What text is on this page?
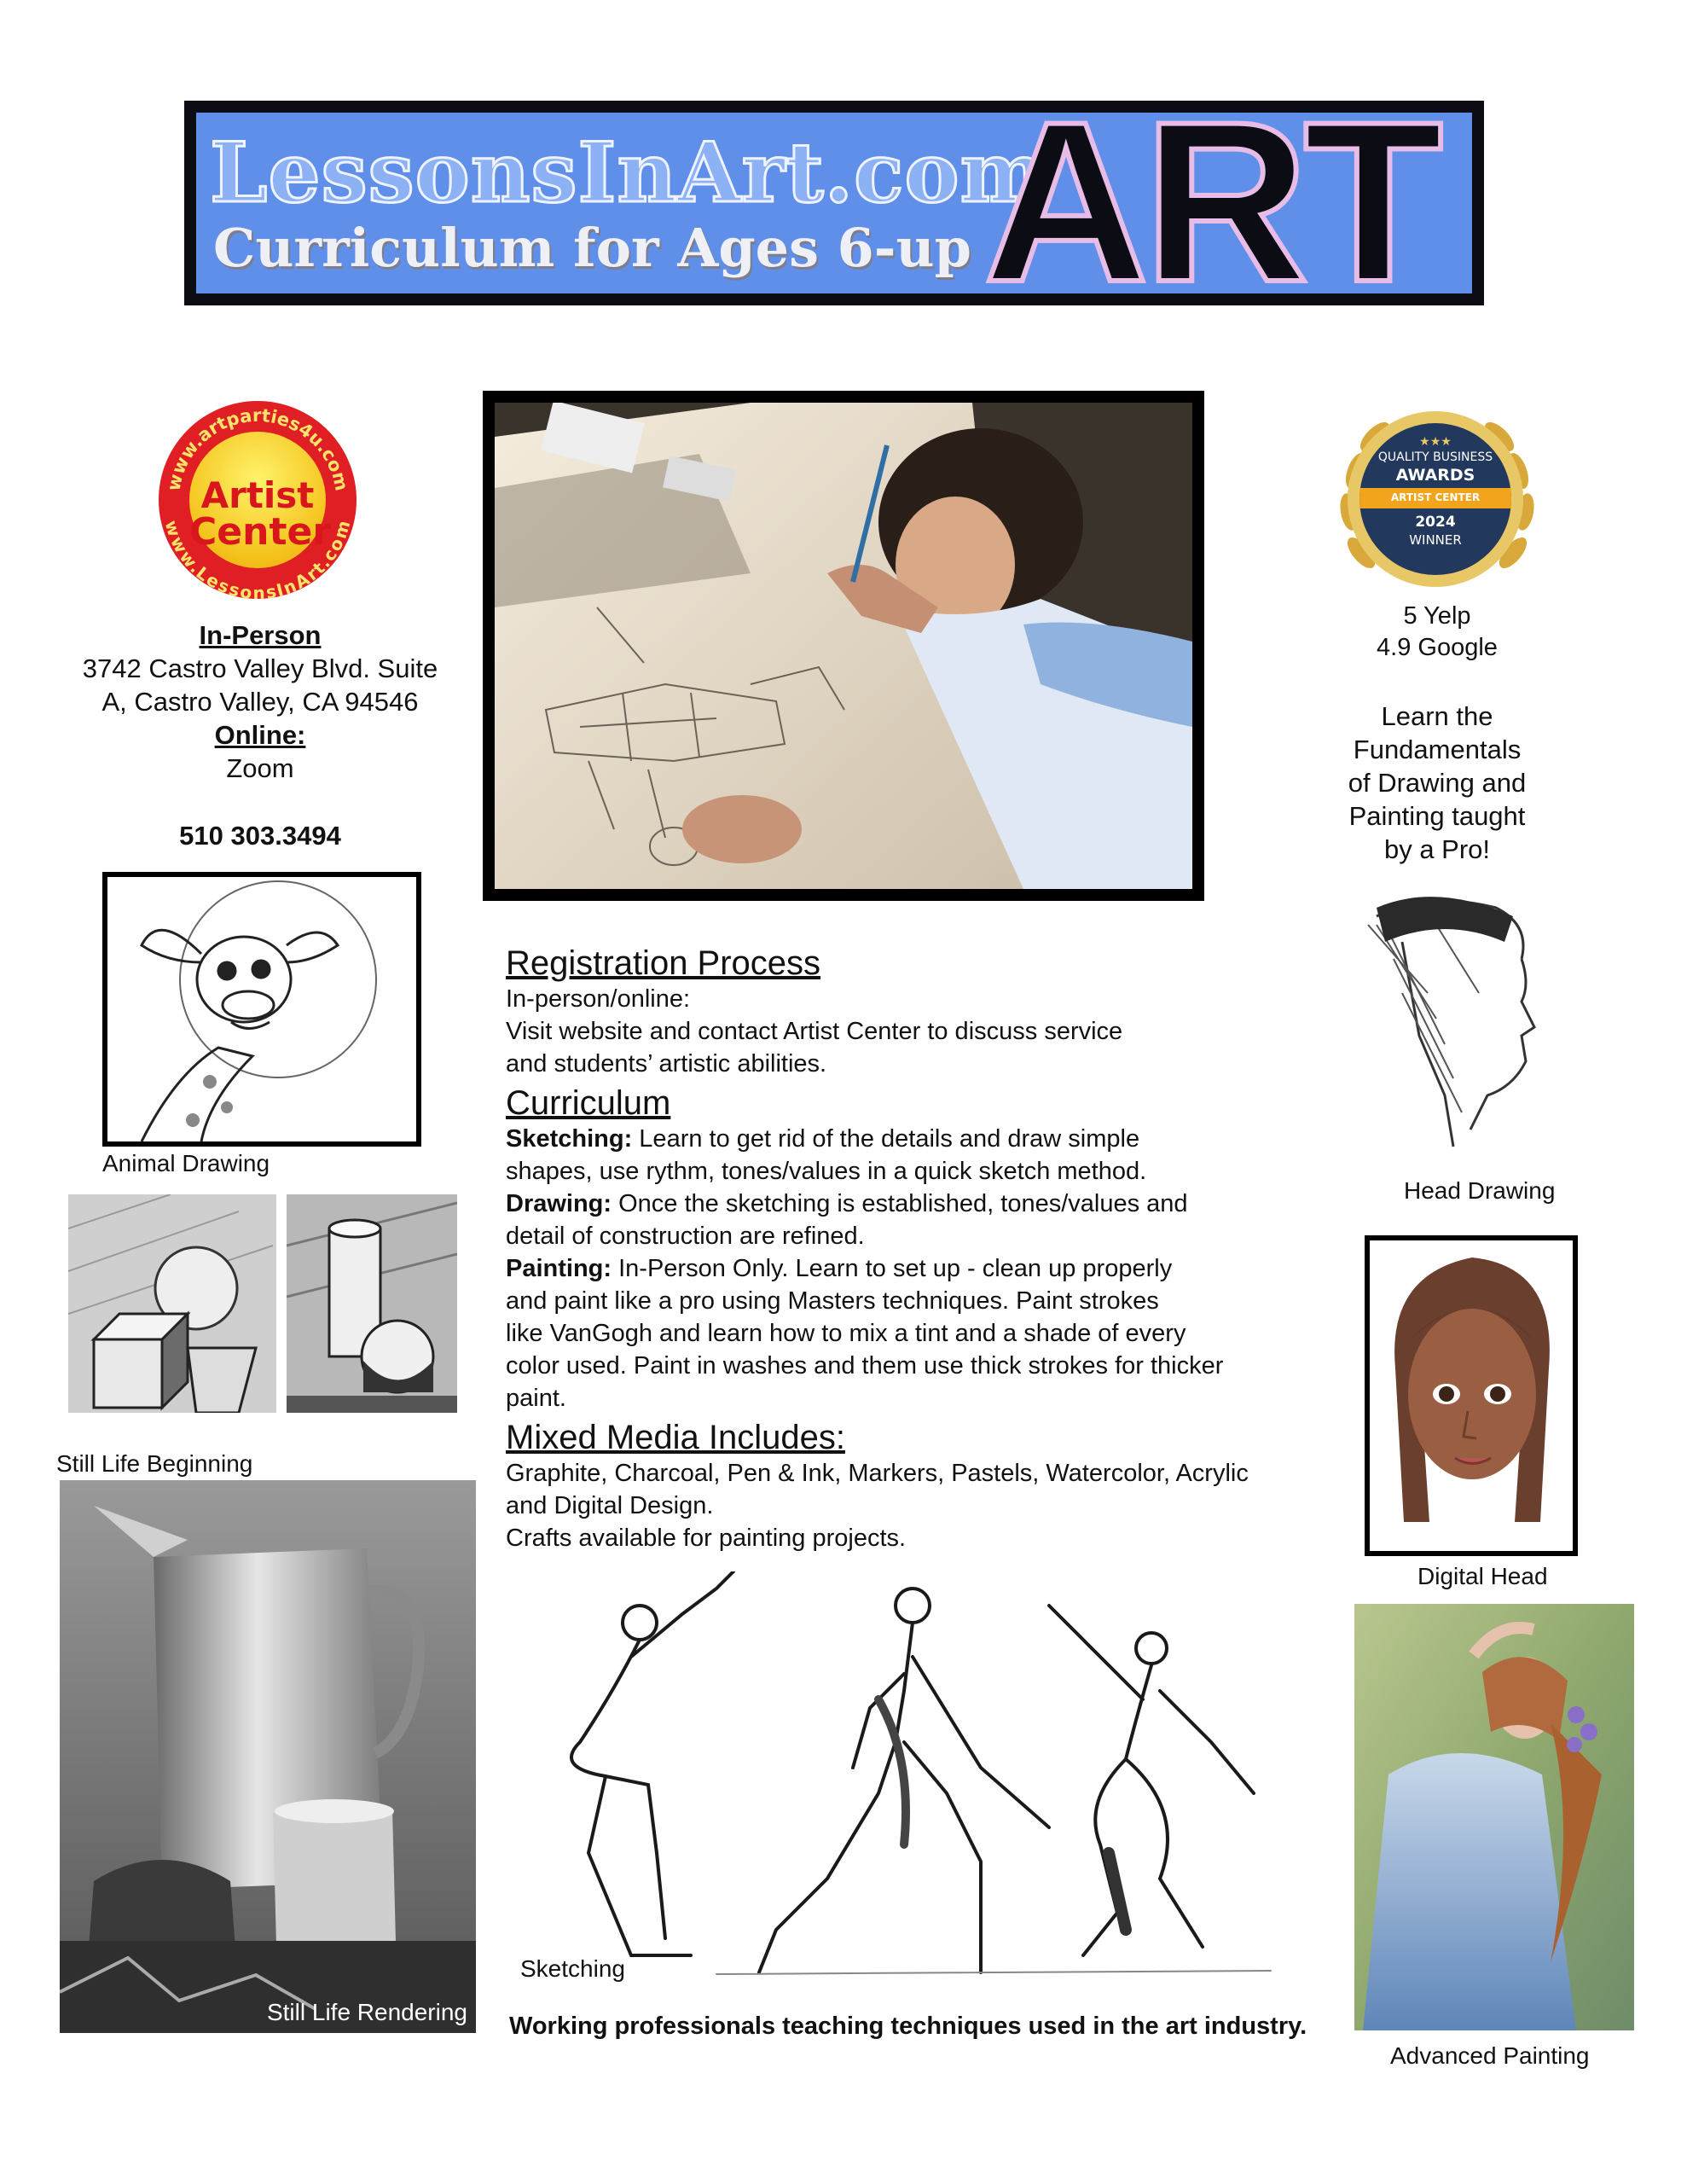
LessonsInArt.com
Curriculum for Ages 6-up ART
www.artparties4u.com
www.LessonsInArt.com
Artist
Center
In-Person
3742 Castro Valley Blvd. Suite
A, Castro Valley, CA 94546
Online:
Zoom
510 303.3494
★★★
QUALITY BUSINESS
AWARDS
ARTIST CENTER
2024
WINNER
5 Yelp
4.9 Google
Learn the
Fundamentals
of Drawing and
Painting taught
by a Pro!
Registration Process

In-person/online:

Visit website and contact Artist Center to discuss service

and students’ artistic abilities.

Curriculum

Sketching: Learn to get rid of the details and draw simple

shapes, use rythm, tones/values in a quick sketch method.

Drawing: Once the sketching is established, tones/values and

detail of construction are refined.

Painting: In-Person Only. Learn to set up - clean up properly

and paint like a pro using Masters techniques. Paint strokes

like VanGogh and learn how to mix a tint and a shade of every

color used. Paint in washes and them use thick strokes for thicker

paint.

Mixed Media Includes:

Graphite, Charcoal, Pen & Ink, Markers, Pastels, Watercolor, Acrylic

and Digital Design.

Crafts available for painting projects.

Animal Drawing
Still Life Beginning
Still Life Rendering
Sketching
Head Drawing
Digital Head
Advanced Painting
Working professionals teaching techniques used in the art industry.
